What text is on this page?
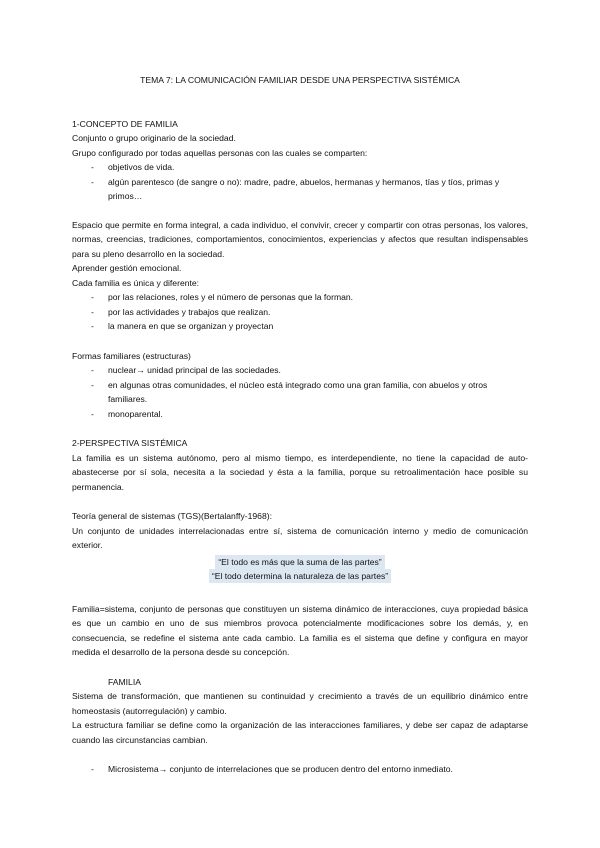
TEMA 7: LA COMUNICACIÓN FAMILIAR DESDE UNA PERSPECTIVA SISTÉMICA

1-CONCEPTO DE FAMILIA

Conjunto o grupo originario de la sociedad.

Grupo configurado por todas aquellas personas con las cuales se comparten:

- objetivos de vida.
- algún parentesco (de sangre o no): madre, padre, abuelos, hermanas y hermanos, tías y tíos, primas y primos…

Espacio que permite en forma integral, a cada individuo, el convivir, crecer y compartir con otras personas, los valores, normas, creencias, tradiciones, comportamientos, conocimientos, experiencias y afectos que resultan indispensables para su pleno desarrollo en la sociedad.

Aprender gestión emocional.

Cada familia es única y diferente:

- por las relaciones, roles y el número de personas que la forman.
- por las actividades y trabajos que realizan.
- la manera en que se organizan y proyectan

Formas familiares (estructuras)

- nuclear→ unidad principal de las sociedades.
- en algunas otras comunidades, el núcleo está integrado como una gran familia, con abuelos y otros familiares.
- monoparental.

2-PERSPECTIVA SISTÉMICA

La familia es un sistema autónomo, pero al mismo tiempo, es interdependiente, no tiene la capacidad de auto-abastecerse por sí sola, necesita a la sociedad y ésta a la familia, porque su retroalimentación hace posible su permanencia.

Teoría general de sistemas (TGS)(Bertalanffy-1968):

Un conjunto de unidades interrelacionadas entre sí, sistema de comunicación interno y medio de comunicación exterior.

“El todo es más que la suma de las partes”
“El todo determina la naturaleza de las partes”

Familia=sistema, conjunto de personas que constituyen un sistema dinámico de interacciones, cuya propiedad básica es que un cambio en uno de sus miembros provoca potencialmente modificaciones sobre los demás, y, en consecuencia, se redefine el sistema ante cada cambio. La familia es el sistema que define y configura en mayor medida el desarrollo de la persona desde su concepción.

FAMILIA

Sistema de transformación, que mantienen su continuidad y crecimiento a través de un equilibrio dinámico entre homeostasis (autorregulación) y cambio.

La estructura familiar se define como la organización de las interacciones familiares, y debe ser capaz de adaptarse cuando las circunstancias cambian.

- Microsistema→ conjunto de interrelaciones que se producen dentro del entorno inmediato.
